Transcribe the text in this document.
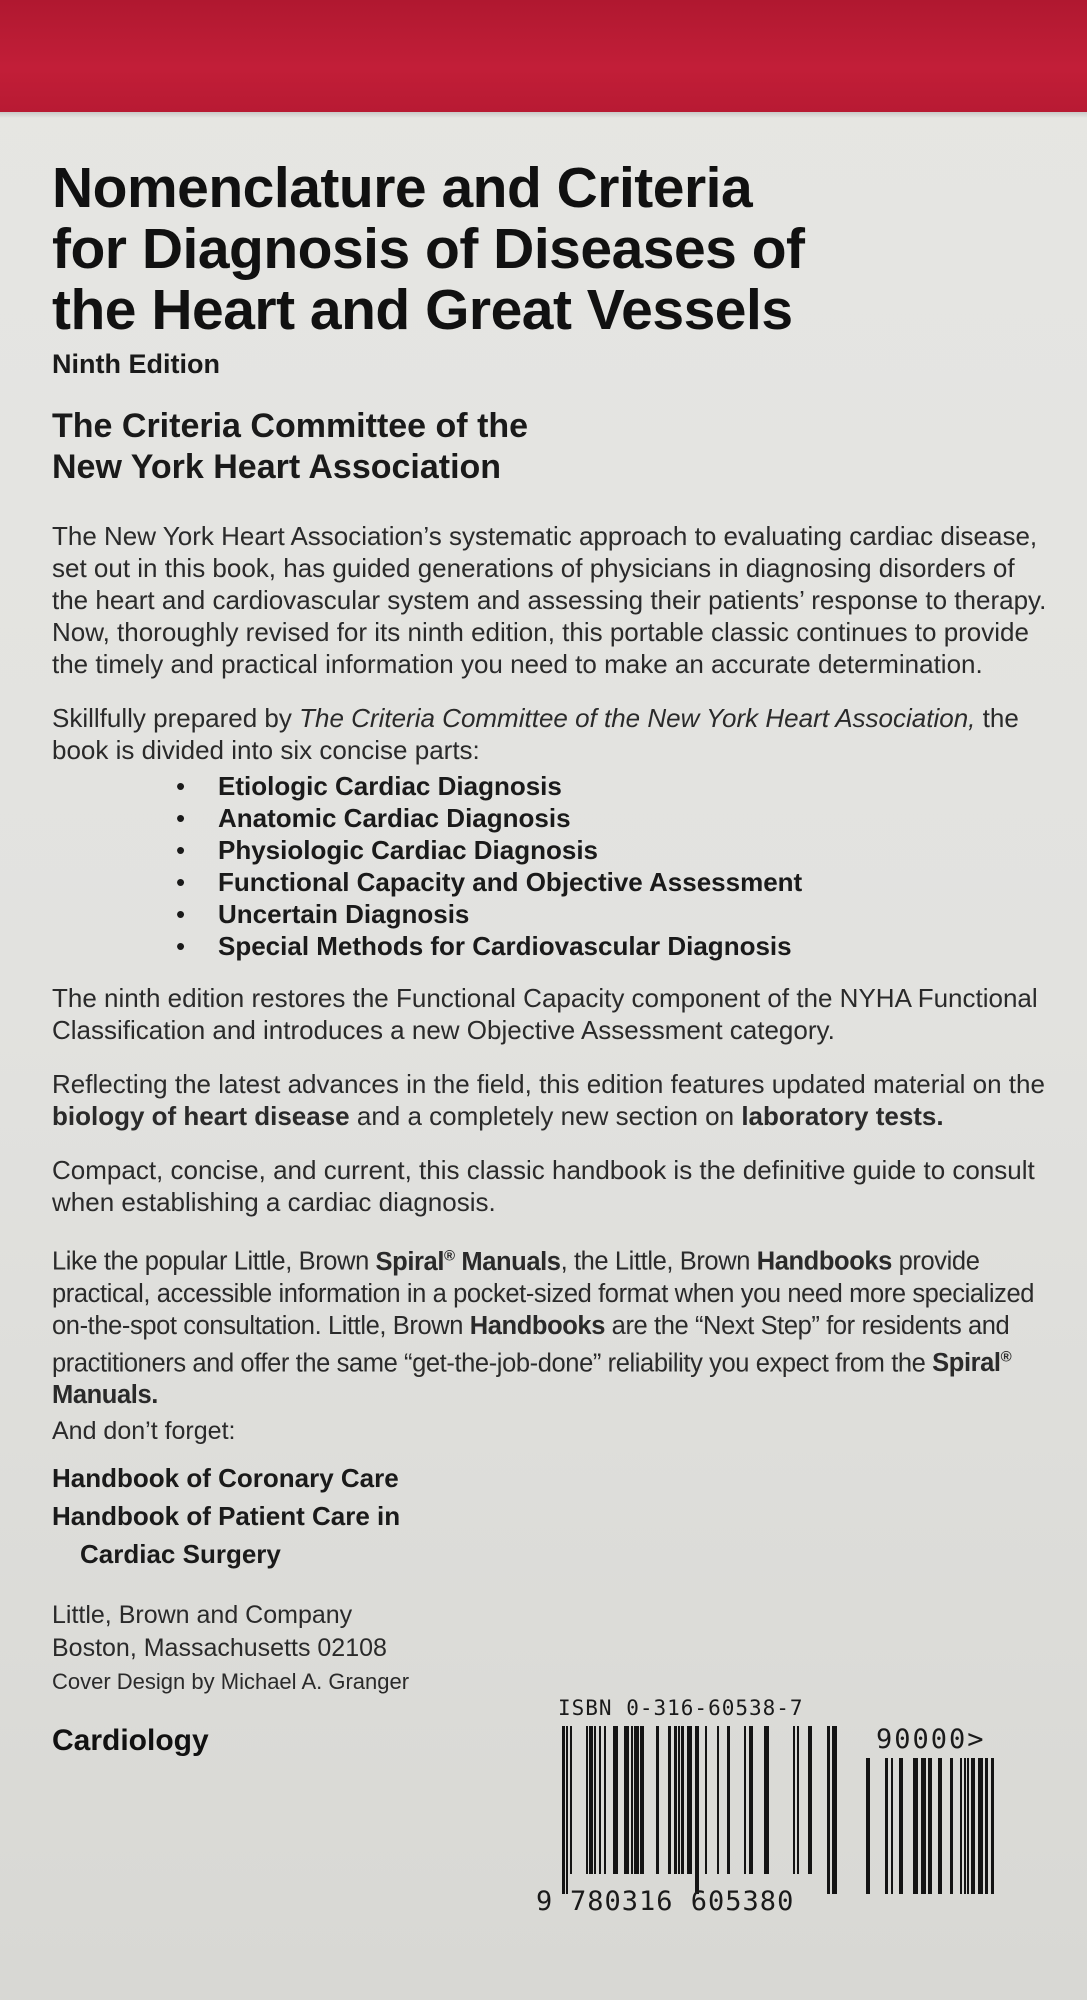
Nomenclature and Criteria
for Diagnosis of Diseases of
the Heart and Great Vessels
Ninth Edition
The Criteria Committee of the
New York Heart Association

The New York Heart Association’s systematic approach to evaluating cardiac disease, set out in this book, has guided generations of physicians in diagnosing disorders of the heart and cardiovascular system and assessing their patients’ response to therapy. Now, thoroughly revised for its ninth edition, this portable classic continues to provide the timely and practical information you need to make an accurate determination.

Skillfully prepared by The Criteria Committee of the New York Heart Association, the book is divided into six concise parts:

• Etiologic Cardiac Diagnosis
• Anatomic Cardiac Diagnosis
• Physiologic Cardiac Diagnosis
• Functional Capacity and Objective Assessment
• Uncertain Diagnosis
• Special Methods for Cardiovascular Diagnosis

The ninth edition restores the Functional Capacity component of the NYHA Functional Classification and introduces a new Objective Assessment category.

Reflecting the latest advances in the field, this edition features updated material on the biology of heart disease and a completely new section on laboratory tests.

Compact, concise, and current, this classic handbook is the definitive guide to consult when establishing a cardiac diagnosis.

Like the popular Little, Brown Spiral® Manuals, the Little, Brown Handbooks provide practical, accessible information in a pocket-sized format when you need more specialized on-the-spot consultation. Little, Brown Handbooks are the “Next Step” for residents and practitioners and offer the same “get-the-job-done” reliability you expect from the Spiral® Manuals.

And don’t forget:
Handbook of Coronary Care
Handbook of Patient Care in
Cardiac Surgery
Little, Brown and Company
Boston, Massachusetts 02108
Cover Design by Michael A. Granger
Cardiology
ISBN 0-316-60538-7
90000>
9 780316 605380
